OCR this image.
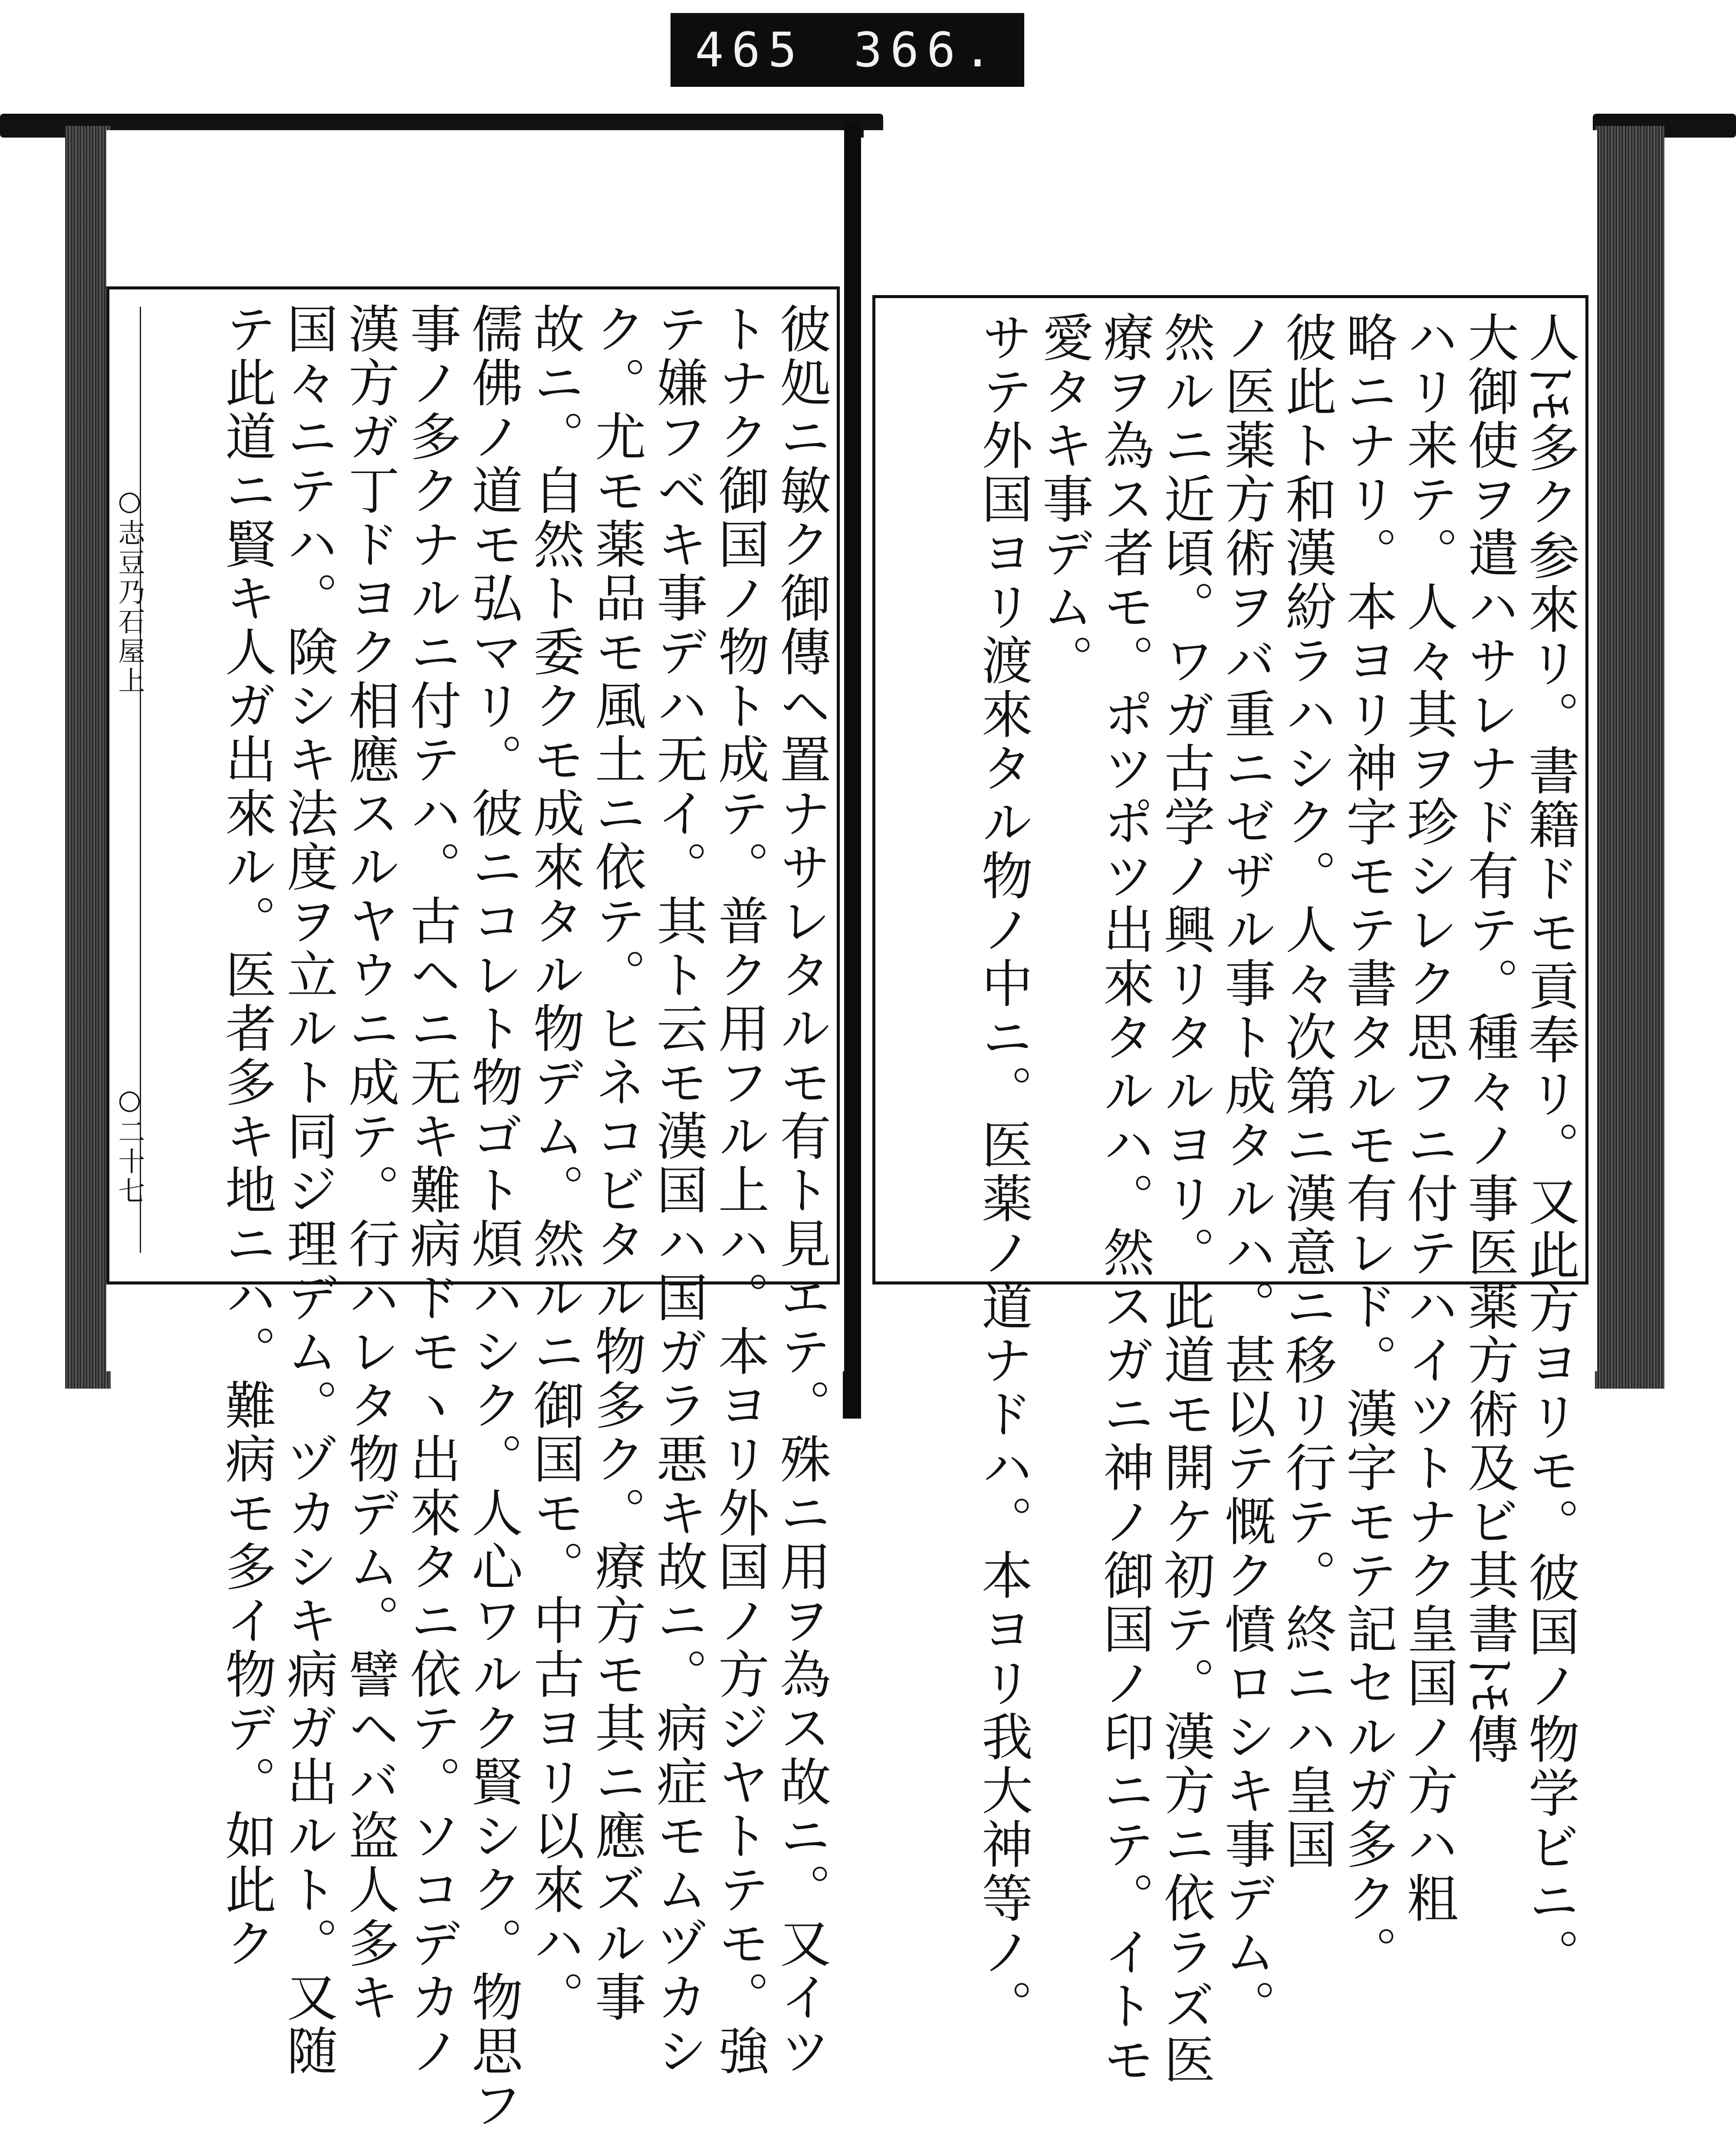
465 366.
○志豆乃石屋上
○二十七	彼処ニ敏ク御傳ヘ置ナサレタルモ有ト見エテ。殊ニ用ヲ為ス故ニ。又イツ
トナク御国ノ物ト成テ。普ク用フル上ハ。本ヨリ外国ノ方ジヤトテモ。強
テ嫌フベキ事デハ无イ。其ト云モ漢国ハ国ガラ悪キ故ニ。病症モムヅカシ
ク。尤モ薬品モ風土ニ依テ。ヒネコビタル物多ク。療方モ其ニ應ズル事
故ニ。自然ト委クモ成來タル物デム。然ルニ御国モ。中古ヨリ以來ハ。
儒佛ノ道モ弘マリ。彼ニコレト物ゴト煩ハシク。人心ワルク賢シク。物思フ
事ノ多クナルニ付テハ。古ヘニ无キ難病ドモヽ出來タニ依テ。ソコデカノ
漢方ガ丁ドヨク相應スルヤウニ成テ。行ハレタ物デム。譬ヘバ盗人多キ
国々ニテハ。険シキ法度ヲ立ルト同ジ理デム。ヅカシキ病ガ出ルト。又随
テ此道ニ賢キ人ガ出來ル。医者多キ地ニハ。難病モ多イ物デ。如此ク	人ﾄﾓ多ク参來リ。書籍ドモ貢奉リ。又此方ヨリモ。彼国ノ物学ビニ。
大御使ヲ遣ハサレナド有テ。種々ノ事医薬方術及ビ其書ﾄﾓ傳
ハリ来テ。人々其ヲ珍シレク思フニ付テハイツトナク皇国ノ方ハ粗
略ニナリ。本ヨリ神字モテ書タルモ有レド。漢字モテ記セルガ多ク。
彼此ト和漢紛ラハシク。人々次第ニ漢意ニ移リ行テ。終ニハ皇国
ノ医薬方術ヲバ重ニゼザル事ト成タルハ。甚以テ慨ク憤ロシキ事デム。
然ルニ近頃。ワガ古学ノ興リタルヨリ。此道モ開ケ初テ。漢方ニ依ラズ医
療ヲ為ス者モ。ポツポツ出來タルハ。然スガニ神ノ御国ノ印ニテ。イトモ
愛タキ事デム。
サテ外国ヨリ渡來タル物ノ中ニ。医薬ノ道ナドハ。本ヨリ我大神等ノ。
